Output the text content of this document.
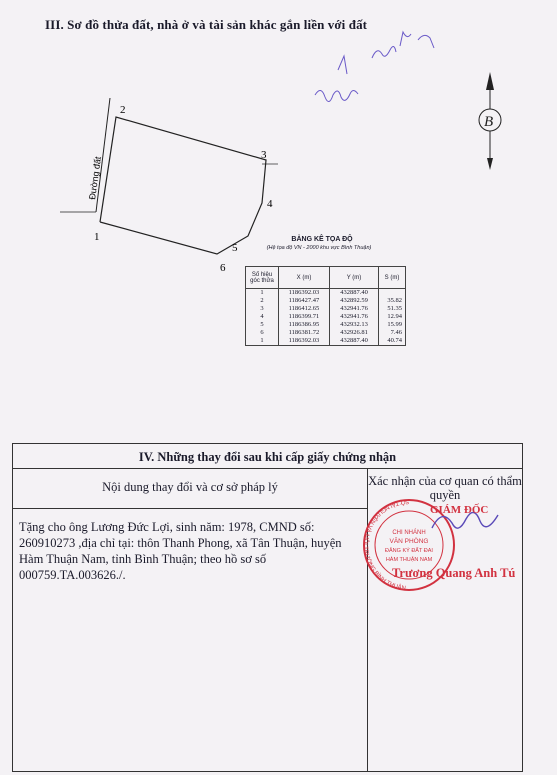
III. Sơ đồ thửa đất, nhà ở và tài sản khác gắn liền với đất
Đường đất
1
2
3
4
5
6
B
BẢNG KÊ TỌA ĐỘ
(Hệ tọa độ VN - 2000 khu vực Bình Thuận)
Số hiệu góc thửa	X (m)	Y (m)	S (m)
1	1186392.03	432887.40	
2	1186427.47	432892.59	35.82
3	1186412.65	432941.76	51.35
4	1186399.71	432941.76	12.94
5	1186386.95	432932.13	15.99
6	1186381.72	432926.81	7.46
1	1186392.03	432887.40	40.74
IV. Những thay đổi sau khi cấp giấy chứng nhận
Nội dung thay đổi và cơ sở pháp lý	Xác nhận của cơ quan có thẩm quyền
Tặng cho ông Lương Đức Lợi, sinh năm: 1978, CMND số: 260910273 ,địa chỉ tại: thôn Thanh Phong, xã Tân Thuận, huyện Hàm Thuận Nam, tỉnh Bình Thuận; theo hồ sơ số 000759.TA.003626./.
SỞ TÀI NGUYÊN VÀ MÔI TRƯỜNG BÌNH THUẬN
CHI NHÁNH
VĂN PHÒNG
ĐĂNG KÝ ĐẤT ĐAI
HÀM THUẬN NAM
GIÁM ĐỐC
Trương Quang Anh Tú
